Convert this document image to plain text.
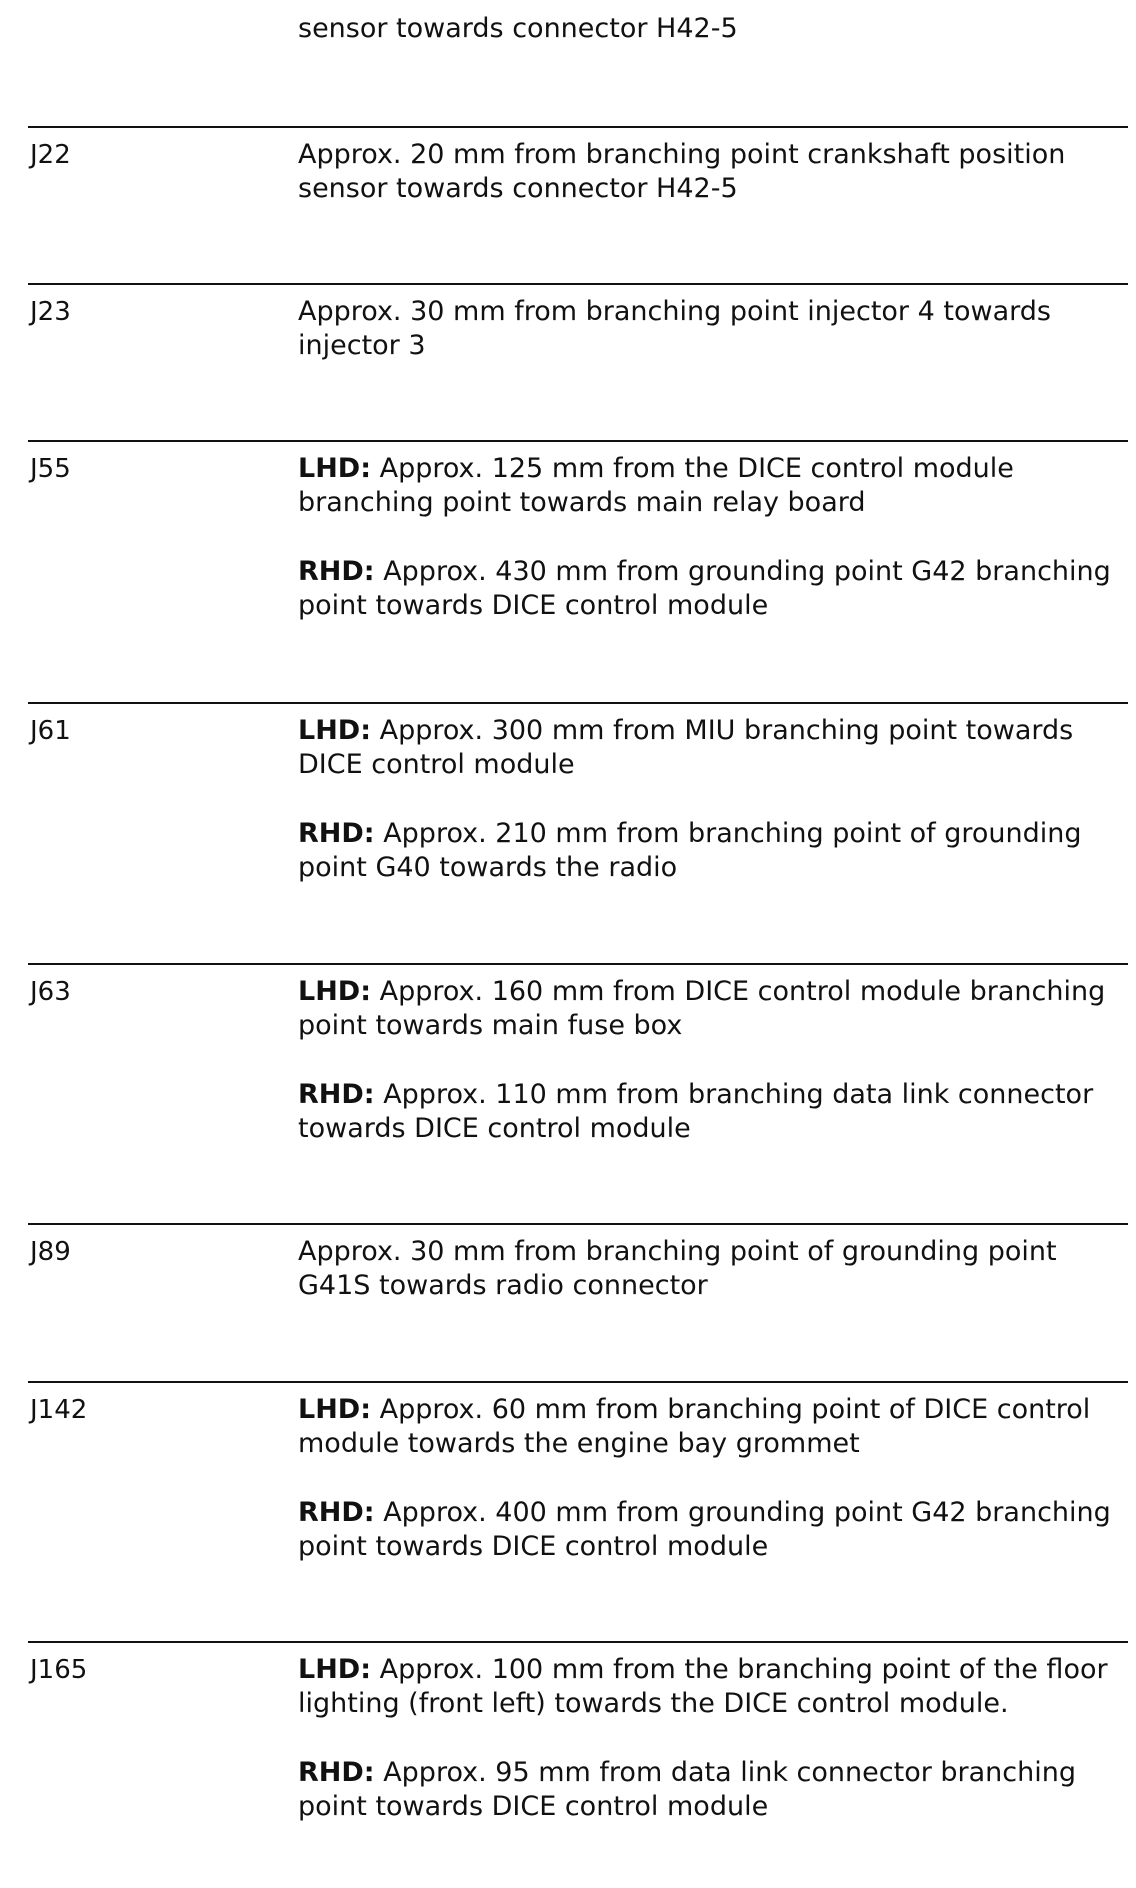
sensor towards connector H42-5
J22	Approx. 20 mm from branching point crankshaft position sensor towards connector H42-5

J23	Approx. 30 mm from branching point injector 4 towards injector 3

J55	LHD: Approx. 125 mm from the DICE control module branching point towards main relay board

RHD: Approx. 430 mm from grounding point G42 branching point towards DICE control module

J61	LHD: Approx. 300 mm from MIU branching point towards DICE control module

RHD: Approx. 210 mm from branching point of grounding point G40 towards the radio

J63	LHD: Approx. 160 mm from DICE control module branching point towards main fuse box

RHD: Approx. 110 mm from branching data link connector towards DICE control module

J89	Approx. 30 mm from branching point of grounding point G41S towards radio connector

J142	LHD: Approx. 60 mm from branching point of DICE control module towards the engine bay grommet

RHD: Approx. 400 mm from grounding point G42 branching point towards DICE control module

J165	LHD: Approx. 100 mm from the branching point of the floor lighting (front left) towards the DICE control module.

RHD: Approx. 95 mm from data link connector branching point towards DICE control module
